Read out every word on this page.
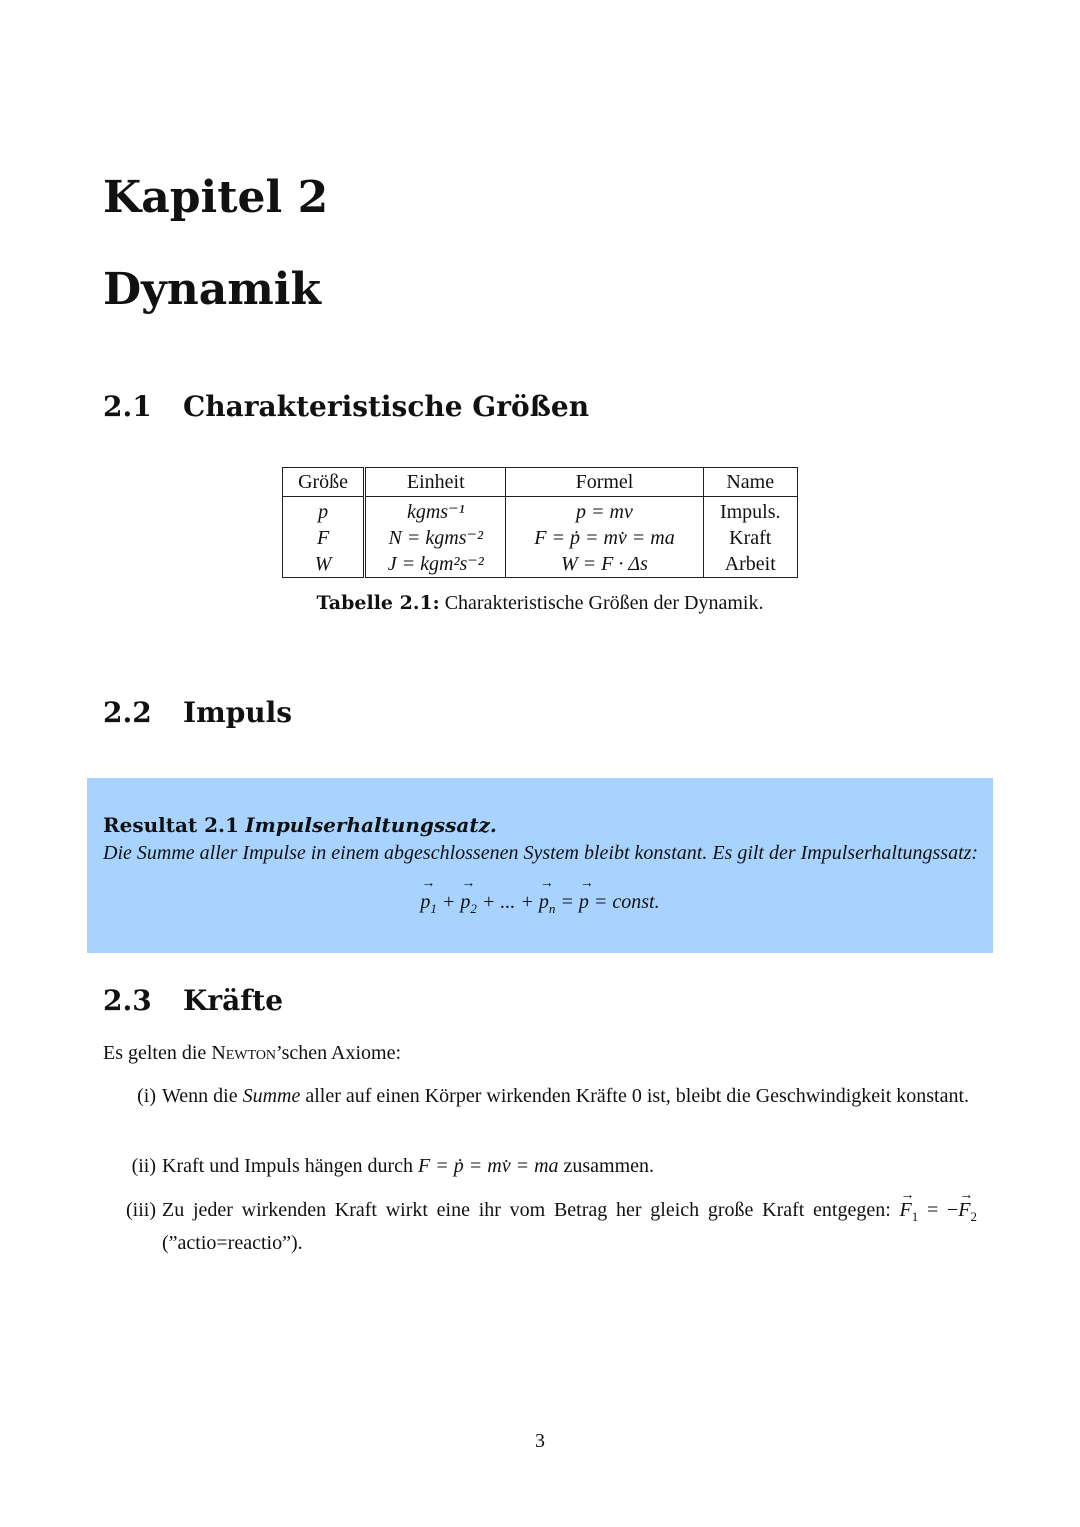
Kapitel 2
Dynamik
2.1 Charakteristische Größen
Größe	Einheit	Formel	Name
p	kgms⁻¹	p = mv	Impuls.
F	N = kgms⁻²	F = ṗ = mv̇ = ma	Kraft
W	J = kgm²s⁻²	W = F · Δs	Arbeit
Tabelle 2.1: Charakteristische Größen der Dynamik.
2.2 Impuls
Resultat 2.1 Impulserhaltungssatz.
Die Summe aller Impulse in einem abgeschlossenen System bleibt konstant. Es gilt der Impulserhaltungssatz:
→ $p_1$ + → $p_2$ + ... + → $p_n$ = → p = const.
2.3 Kräfte
Es gelten die Newton’schen Axiome:
(i) Wenn die Summe aller auf einen Körper wirkenden Kräfte 0 ist, bleibt die Geschwindigkeit konstant.
(ii) Kraft und Impuls hängen durch F = ṗ = mv̇ = ma zusammen.
(iii) Zu jeder wirkenden Kraft wirkt eine ihr vom Betrag her gleich große Kraft entgegen: → $F_1$ = −→ $F_2$ (”actio=reactio”).
3
